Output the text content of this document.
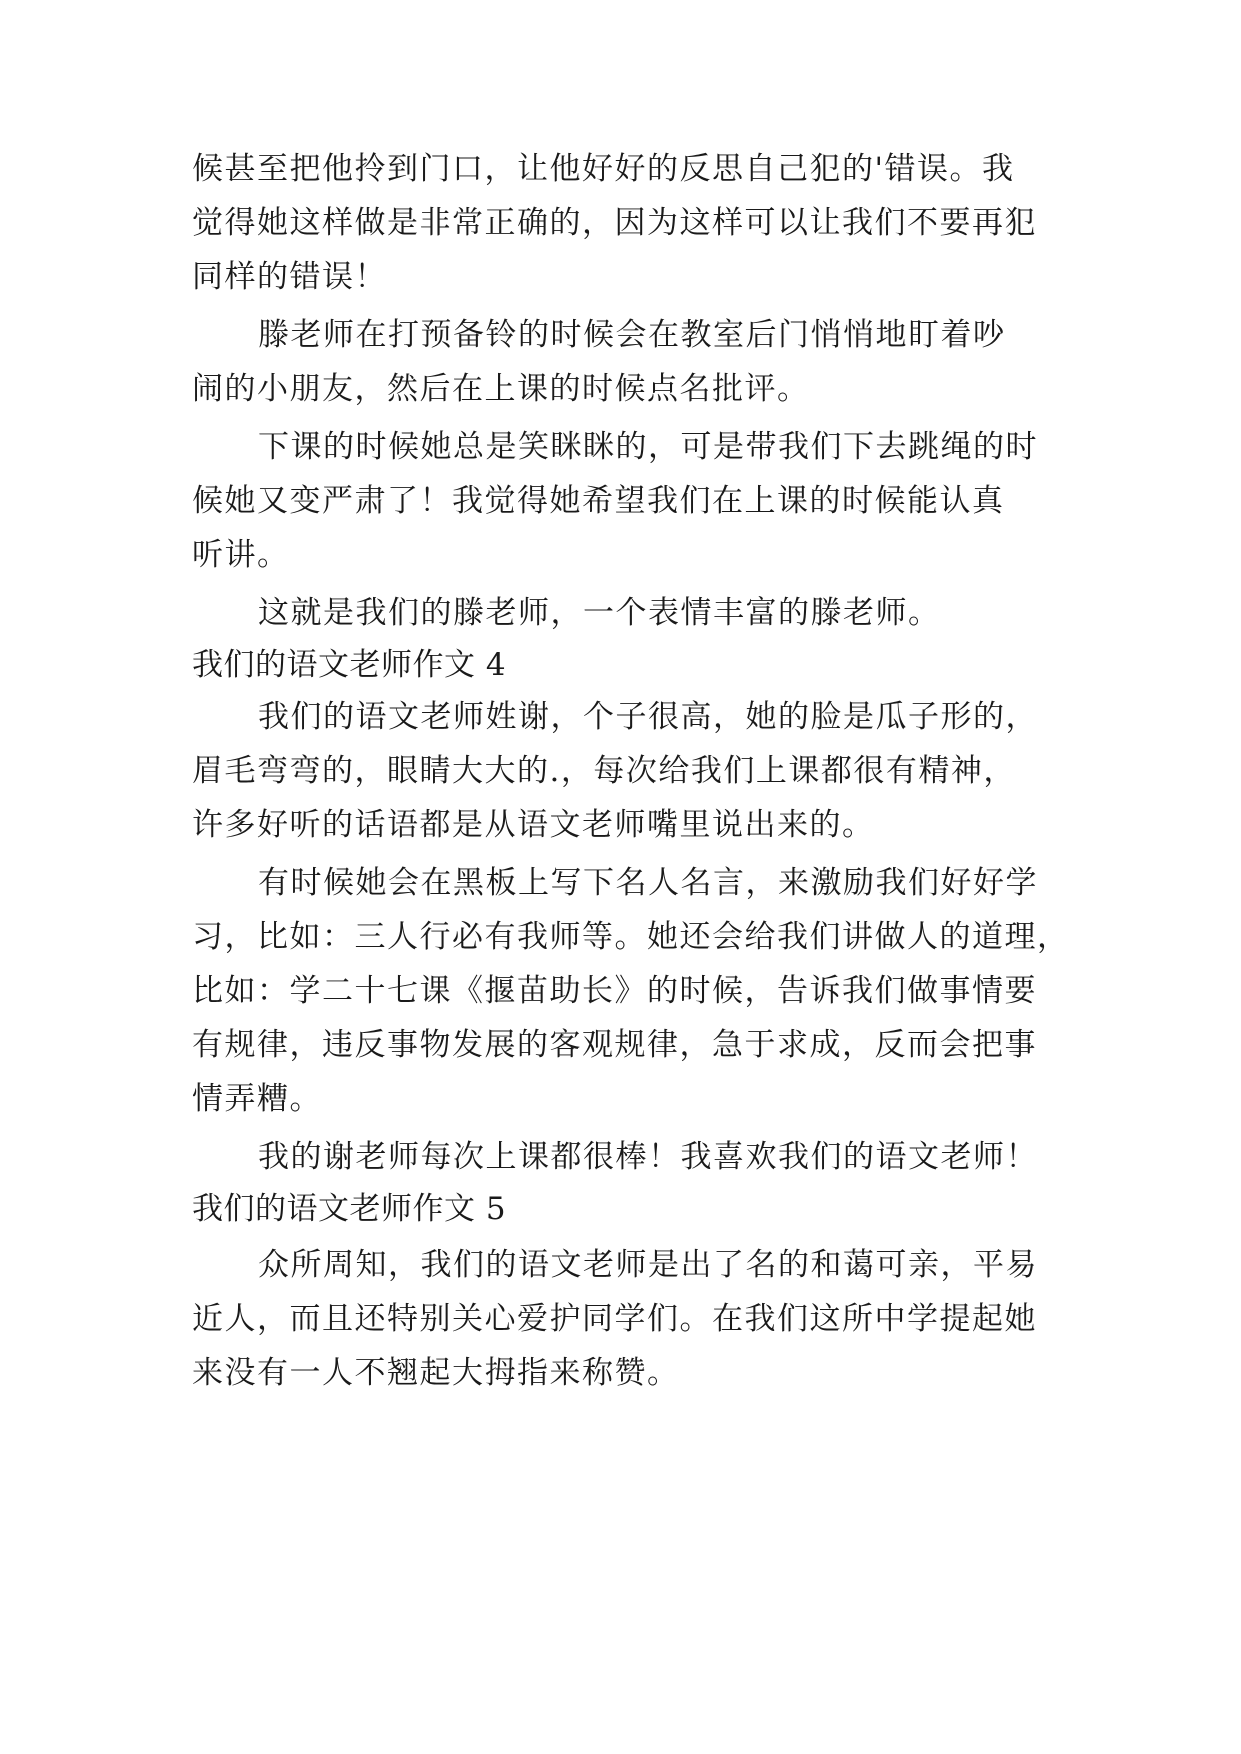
候甚至把他拎到门口，让他好好的反思自己犯的'错误。我
觉得她这样做是非常正确的，因为这样可以让我们不要再犯
同样的错误！
滕老师在打预备铃的时候会在教室后门悄悄地盯着吵
闹的小朋友，然后在上课的时候点名批评。
下课的时候她总是笑眯眯的，可是带我们下去跳绳的时
候她又变严肃了！我觉得她希望我们在上课的时候能认真
听讲。
这就是我们的滕老师，一个表情丰富的滕老师。
我们的语文老师作文 4
我们的语文老师姓谢，个子很高，她的脸是瓜子形的，
眉毛弯弯的，眼睛大大的.，每次给我们上课都很有精神，
许多好听的话语都是从语文老师嘴里说出来的。
有时候她会在黑板上写下名人名言，来激励我们好好学
习，比如：三人行必有我师等。她还会给我们讲做人的道理，
比如：学二十七课《揠苗助长》的时候，告诉我们做事情要
有规律，违反事物发展的客观规律，急于求成，反而会把事
情弄糟。
我的谢老师每次上课都很棒！我喜欢我们的语文老师！
我们的语文老师作文 5
众所周知，我们的语文老师是出了名的和蔼可亲，平易
近人，而且还特别关心爱护同学们。在我们这所中学提起她
来没有一人不翘起大拇指来称赞。
